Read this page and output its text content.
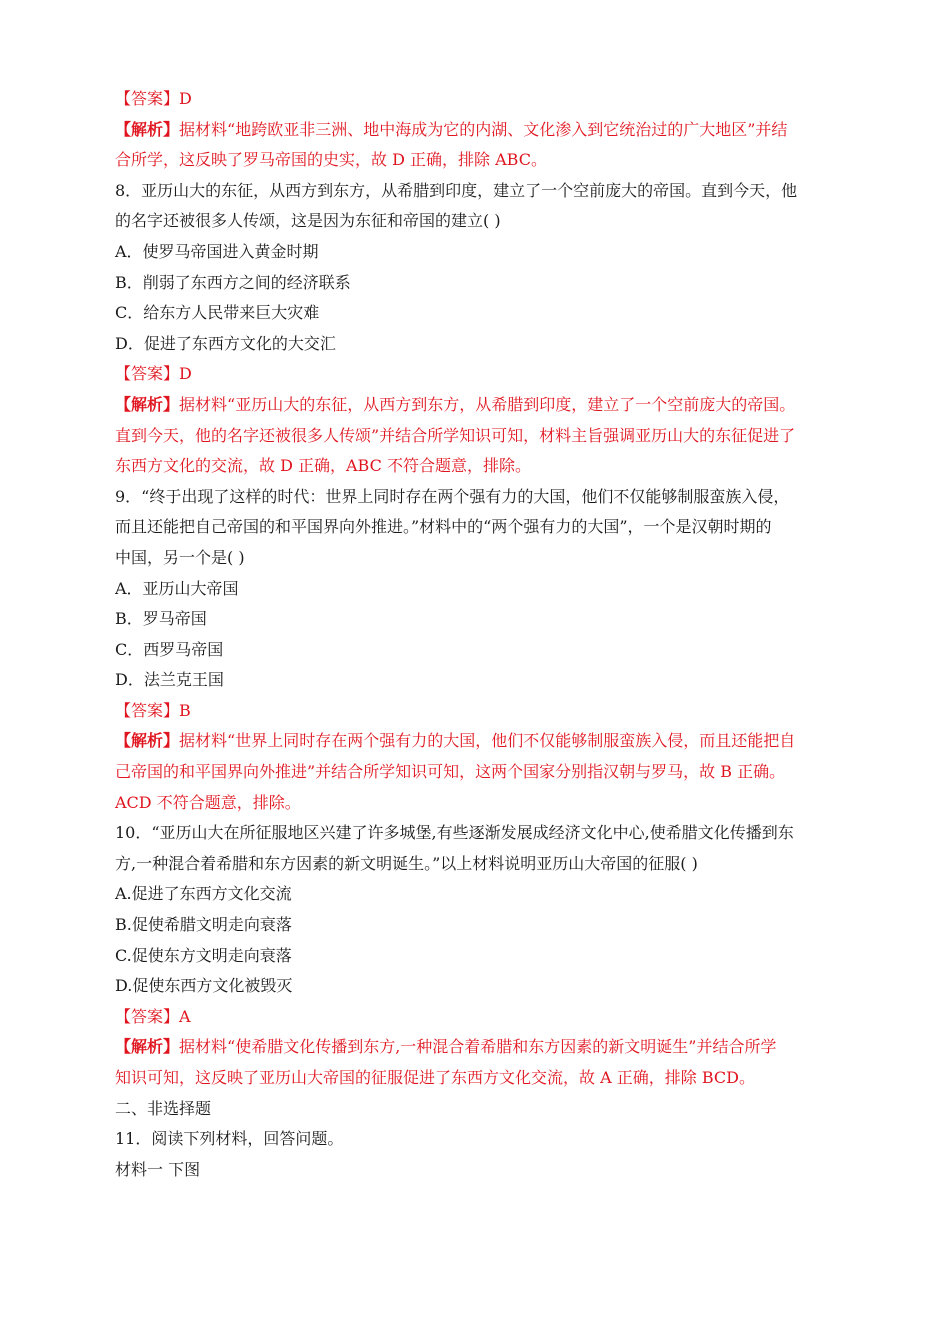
【答案】D
【解析】据材料“地跨欧亚非三洲、地中海成为它的内湖、文化渗入到它统治过的广大地区”并结
合所学，这反映了罗马帝国的史实，故 D 正确，排除 ABC。
8．亚历山大的东征，从西方到东方，从希腊到印度，建立了一个空前庞大的帝国。直到今天，他
的名字还被很多人传颂，这是因为东征和帝国的建立( )
A．使罗马帝国进入黄金时期
B．削弱了东西方之间的经济联系
C．给东方人民带来巨大灾难
D．促进了东西方文化的大交汇
【答案】D
【解析】据材料“亚历山大的东征，从西方到东方，从希腊到印度，建立了一个空前庞大的帝国。
直到今天，他的名字还被很多人传颂”并结合所学知识可知，材料主旨强调亚历山大的东征促进了
东西方文化的交流，故 D 正确，ABC 不符合题意，排除。
9．“终于出现了这样的时代：世界上同时存在两个强有力的大国，他们不仅能够制服蛮族入侵，
而且还能把自己帝国的和平国界向外推进。”材料中的“两个强有力的大国”，一个是汉朝时期的
中国，另一个是( )
A．亚历山大帝国
B．罗马帝国
C．西罗马帝国
D．法兰克王国
【答案】B
【解析】据材料“世界上同时存在两个强有力的大国，他们不仅能够制服蛮族入侵，而且还能把自
己帝国的和平国界向外推进”并结合所学知识可知，这两个国家分别指汉朝与罗马，故 B 正确。
ACD 不符合题意，排除。
10．“亚历山大在所征服地区兴建了许多城堡,有些逐渐发展成经济文化中心,使希腊文化传播到东
方,一种混合着希腊和东方因素的新文明诞生。”以上材料说明亚历山大帝国的征服( )
A.促进了东西方文化交流
B.促使希腊文明走向衰落
C.促使东方文明走向衰落
D.促使东西方文化被毁灭
【答案】A
【解析】据材料“使希腊文化传播到东方,一种混合着希腊和东方因素的新文明诞生”并结合所学
知识可知，这反映了亚历山大帝国的征服促进了东西方文化交流，故 A 正确，排除 BCD。
二、非选择题
11．阅读下列材料，回答问题。
材料一 下图
